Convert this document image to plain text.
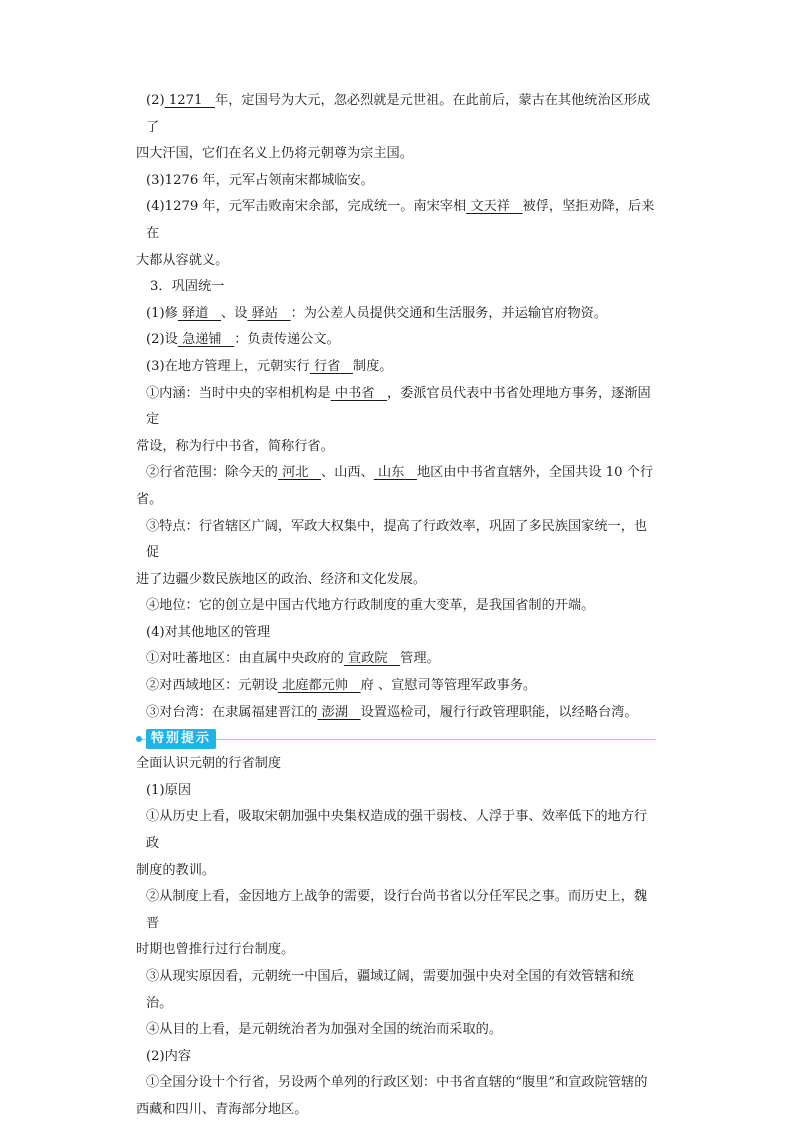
(2) 1271 年，定国号为大元，忽必烈就是元世祖。在此前后，蒙古在其他统治区形成了

四大汗国，它们在名义上仍将元朝尊为宗主国。

(3)1276 年，元军占领南宋都城临安。

(4)1279 年，元军击败南宋余部，完成统一。南宋宰相 文天祥 被俘，坚拒劝降，后来在

大都从容就义。

3．巩固统一

(1)修 驿道 、设 驿站 ：为公差人员提供交通和生活服务，并运输官府物资。

(2)设 急递铺 ：负责传递公文。

(3)在地方管理上，元朝实行 行省 制度。

①内涵：当时中央的宰相机构是 中书省 ，委派官员代表中书省处理地方事务，逐渐固定

常设，称为行中书省，简称行省。

②行省范围：除今天的 河北 、山西、 山东 地区由中书省直辖外，全国共设 10 个行

省。

③特点：行省辖区广阔，军政大权集中，提高了行政效率，巩固了多民族国家统一，也促

进了边疆少数民族地区的政治、经济和文化发展。

④地位：它的创立是中国古代地方行政制度的重大变革，是我国省制的开端。

(4)对其他地区的管理

①对吐蕃地区：由直属中央政府的 宣政院 管理。

②对西域地区：元朝设 北庭都元帅 府 、宣慰司等管理军政事务。

③对台湾：在隶属福建晋江的 澎湖 设置巡检司，履行行政管理职能，以经略台湾。

特别提示

全面认识元朝的行省制度

(1)原因

①从历史上看，吸取宋朝加强中央集权造成的强干弱枝、人浮于事、效率低下的地方行政

制度的教训。

②从制度上看，金因地方上战争的需要，设行台尚书省以分任军民之事。而历史上，魏晋

时期也曾推行过行台制度。

③从现实原因看，元朝统一中国后，疆域辽阔，需要加强中央对全国的有效管辖和统治。

④从目的上看，是元朝统治者为加强对全国的统治而采取的。

(2)内容

①全国分设十个行省，另设两个单列的行政区划：中书省直辖的“腹里”和宣政院管辖的

西藏和四川、青海部分地区。
